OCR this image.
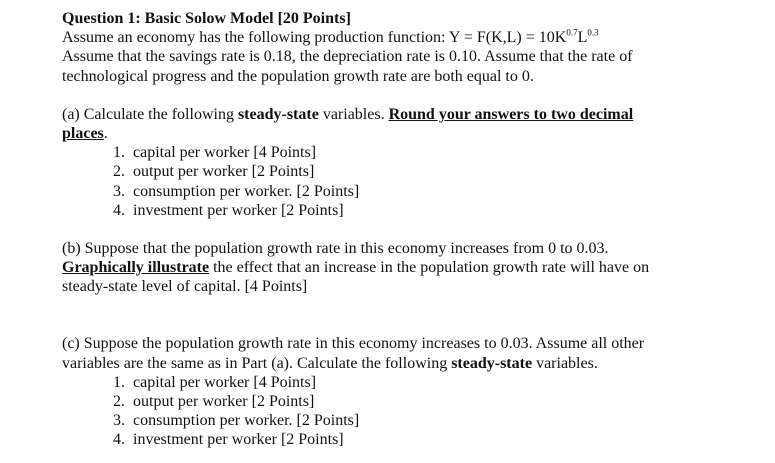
Question 1: Basic Solow Model [20 Points]
Assume an economy has the following production function: $Y = F(K,L) = 10K^{0.7}L^{0.3}$
Assume that the savings rate is 0.18, the depreciation rate is 0.10. Assume that the rate of
technological progress and the population growth rate are both equal to 0.
(a) Calculate the following steady-state variables. Round your answers to two decimal
places.
1. capital per worker [4 Points]
2. output per worker [2 Points]
3. consumption per worker. [2 Points]
4. investment per worker [2 Points]
(b) Suppose that the population growth rate in this economy increases from 0 to 0.03.
Graphically illustrate the effect that an increase in the population growth rate will have on
steady-state level of capital. [4 Points]
(c) Suppose the population growth rate in this economy increases to 0.03. Assume all other
variables are the same as in Part (a). Calculate the following steady-state variables.
1. capital per worker [4 Points]
2. output per worker [2 Points]
3. consumption per worker. [2 Points]
4. investment per worker [2 Points]
